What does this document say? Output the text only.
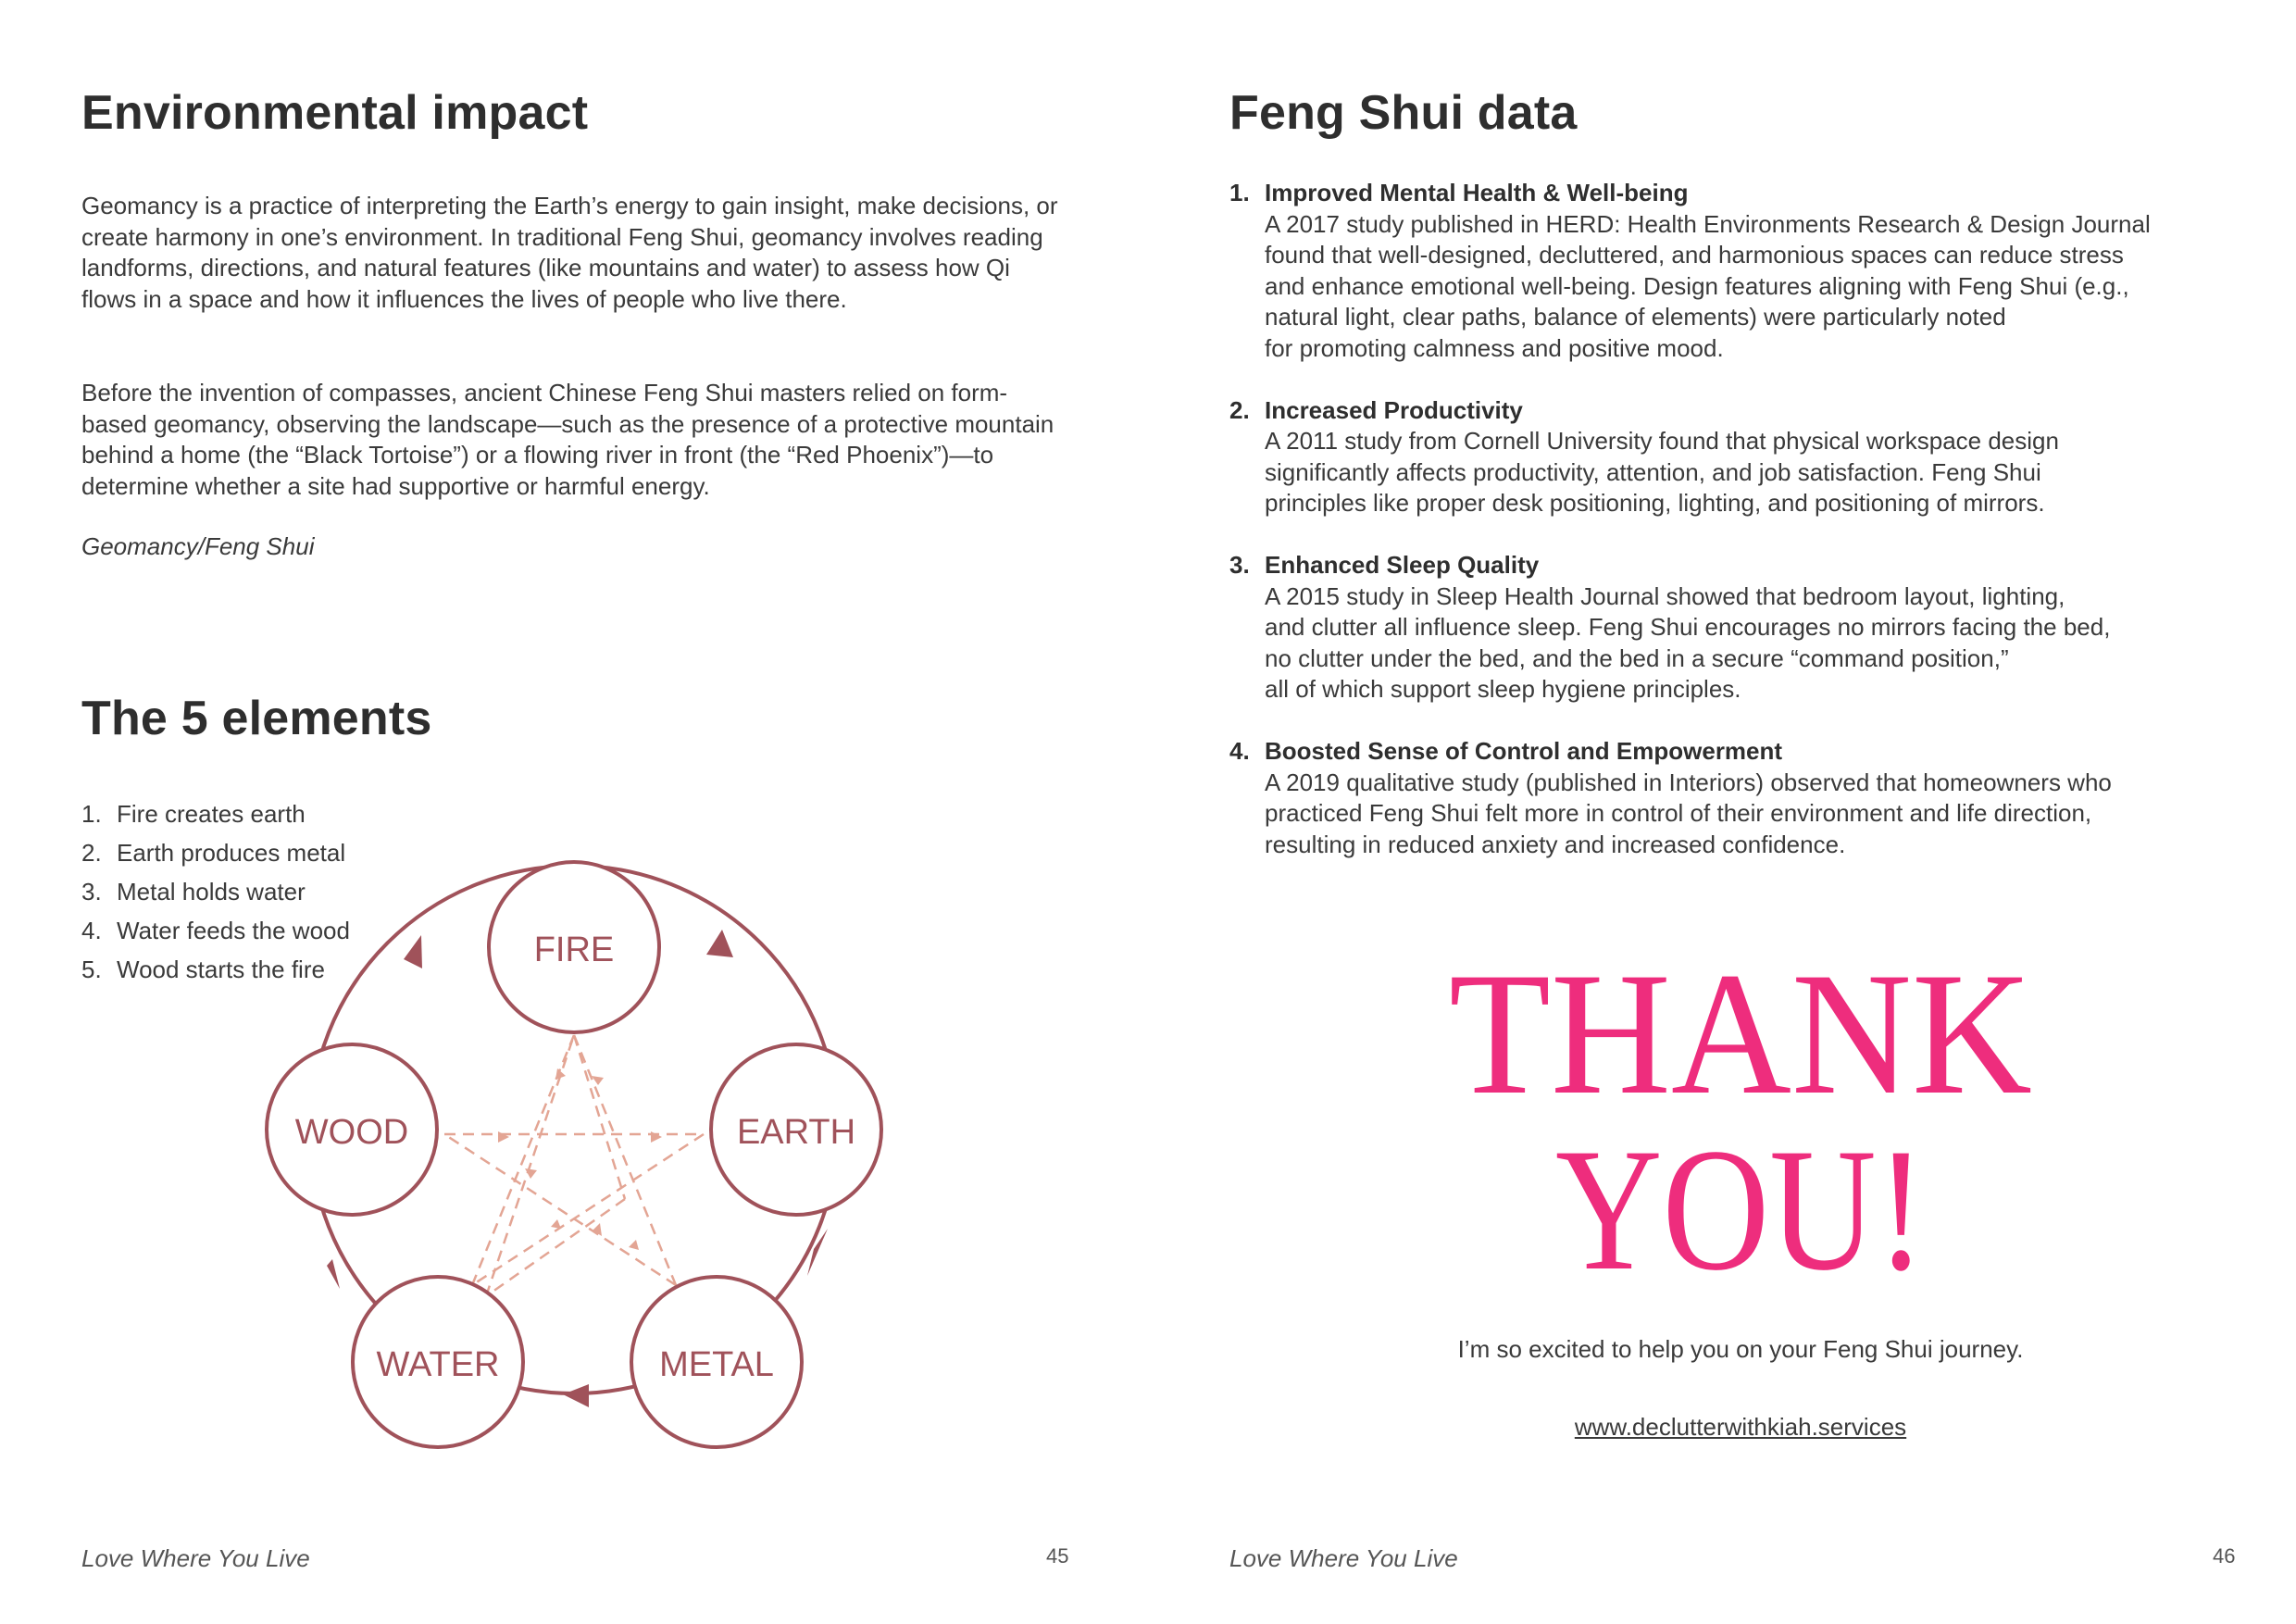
Environmental impact

Geomancy is a practice of interpreting the Earth’s energy to gain insight, make decisions, or create harmony in one’s environment. In traditional Feng Shui, geomancy involves reading landforms, directions, and natural features (like mountains and water) to assess how Qi flows in a space and how it influences the lives of people who live there.

Before the invention of compasses, ancient Chinese Feng Shui masters relied on form-based geomancy, observing the landscape—such as the presence of a protective mountain behind a home (the “Black Tortoise”) or a flowing river in front (the “Red Phoenix”)—to determine whether a site had supportive or harmful energy.

Geomancy/Feng Shui

The 5 elements
1. Fire creates earth
2. Earth produces metal
3. Metal holds water
4. Water feeds the wood
5. Wood starts the fire	FIRE
EARTH
METAL
WATER
WOOD
Love Where You Live	45
Feng Shui data
1. Improved Mental Health & Well-being
A 2017 study published in HERD: Health Environments Research & Design Journal
found that well-designed, decluttered, and harmonious spaces can reduce stress
and enhance emotional well-being. Design features aligning with Feng Shui (e.g.,
natural light, clear paths, balance of elements) were particularly noted
for promoting calmness and positive mood.
2. Increased Productivity
A 2011 study from Cornell University found that physical workspace design
significantly affects productivity, attention, and job satisfaction. Feng Shui
principles like proper desk positioning, lighting, and positioning of mirrors.
3. Enhanced Sleep Quality
A 2015 study in Sleep Health Journal showed that bedroom layout, lighting,
and clutter all influence sleep. Feng Shui encourages no mirrors facing the bed,
no clutter under the bed, and the bed in a secure “command position,”
all of which support sleep hygiene principles.
4. Boosted Sense of Control and Empowerment
A 2019 qualitative study (published in Interiors) observed that homeowners who
practiced Feng Shui felt more in control of their environment and life direction,
resulting in reduced anxiety and increased confidence.
THANK
YOU!
I’m so excited to help you on your Feng Shui journey.
www.declutterwithkiah.services
Love Where You Live	46
